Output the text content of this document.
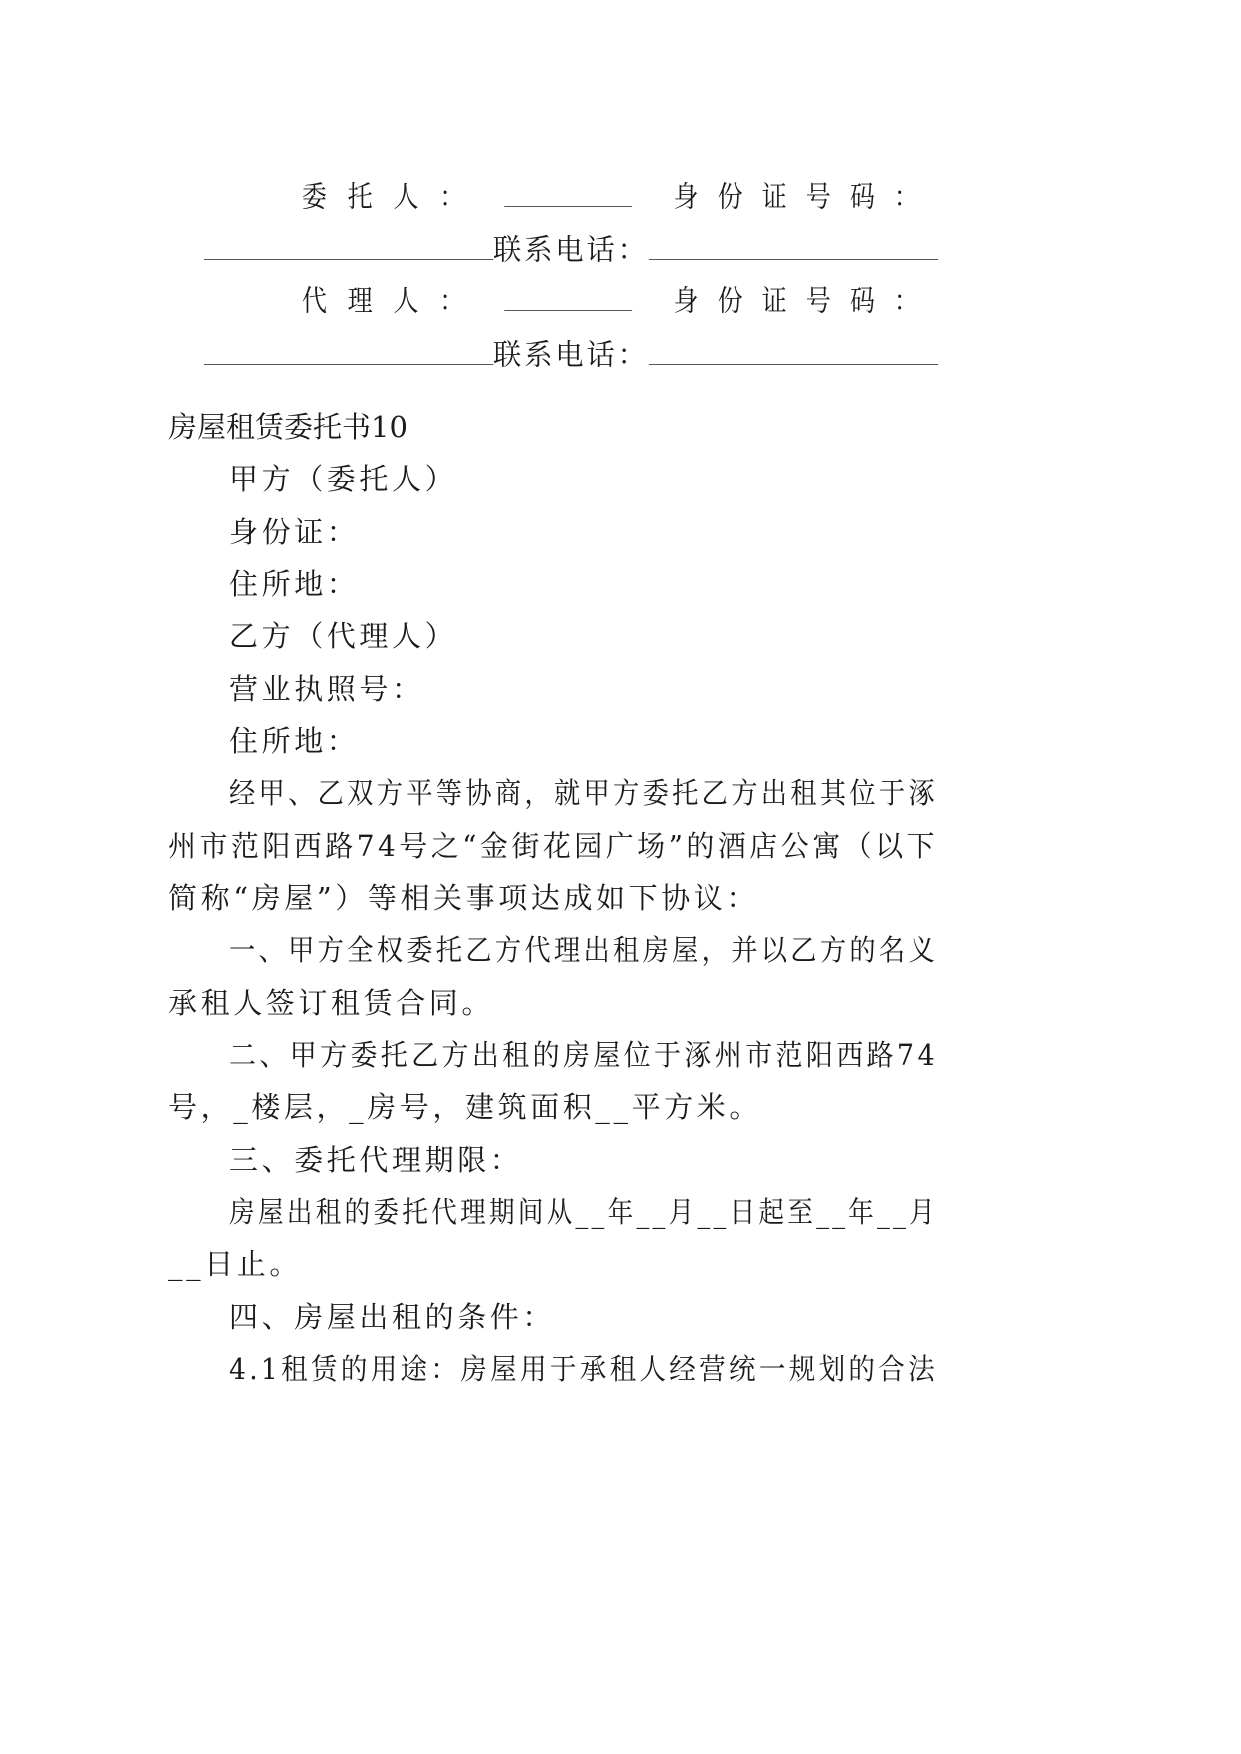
委托人：	身份证号码：

联系电话：

代理人：	身份证号码：

联系电话：

房屋租赁委托书10
甲方（委托人）
身份证：
住所地：
乙方（代理人）
营业执照号：
住所地：
经甲、乙双方平等协商，就甲方委托乙方出租其位于涿
州市范阳西路74号之“金街花园广场”的酒店公寓（以下
简称“房屋”）等相关事项达成如下协议：
一、甲方全权委托乙方代理出租房屋，并以乙方的名义
承租人签订租赁合同。
二、甲方委托乙方出租的房屋位于涿州市范阳西路74
号，_楼层，_房号，建筑面积__平方米。
三、委托代理期限：
房屋出租的委托代理期间从__年__月__日起至__年__月
__日止。
四、房屋出租的条件：
4.1租赁的用途：房屋用于承租人经营统一规划的合法
